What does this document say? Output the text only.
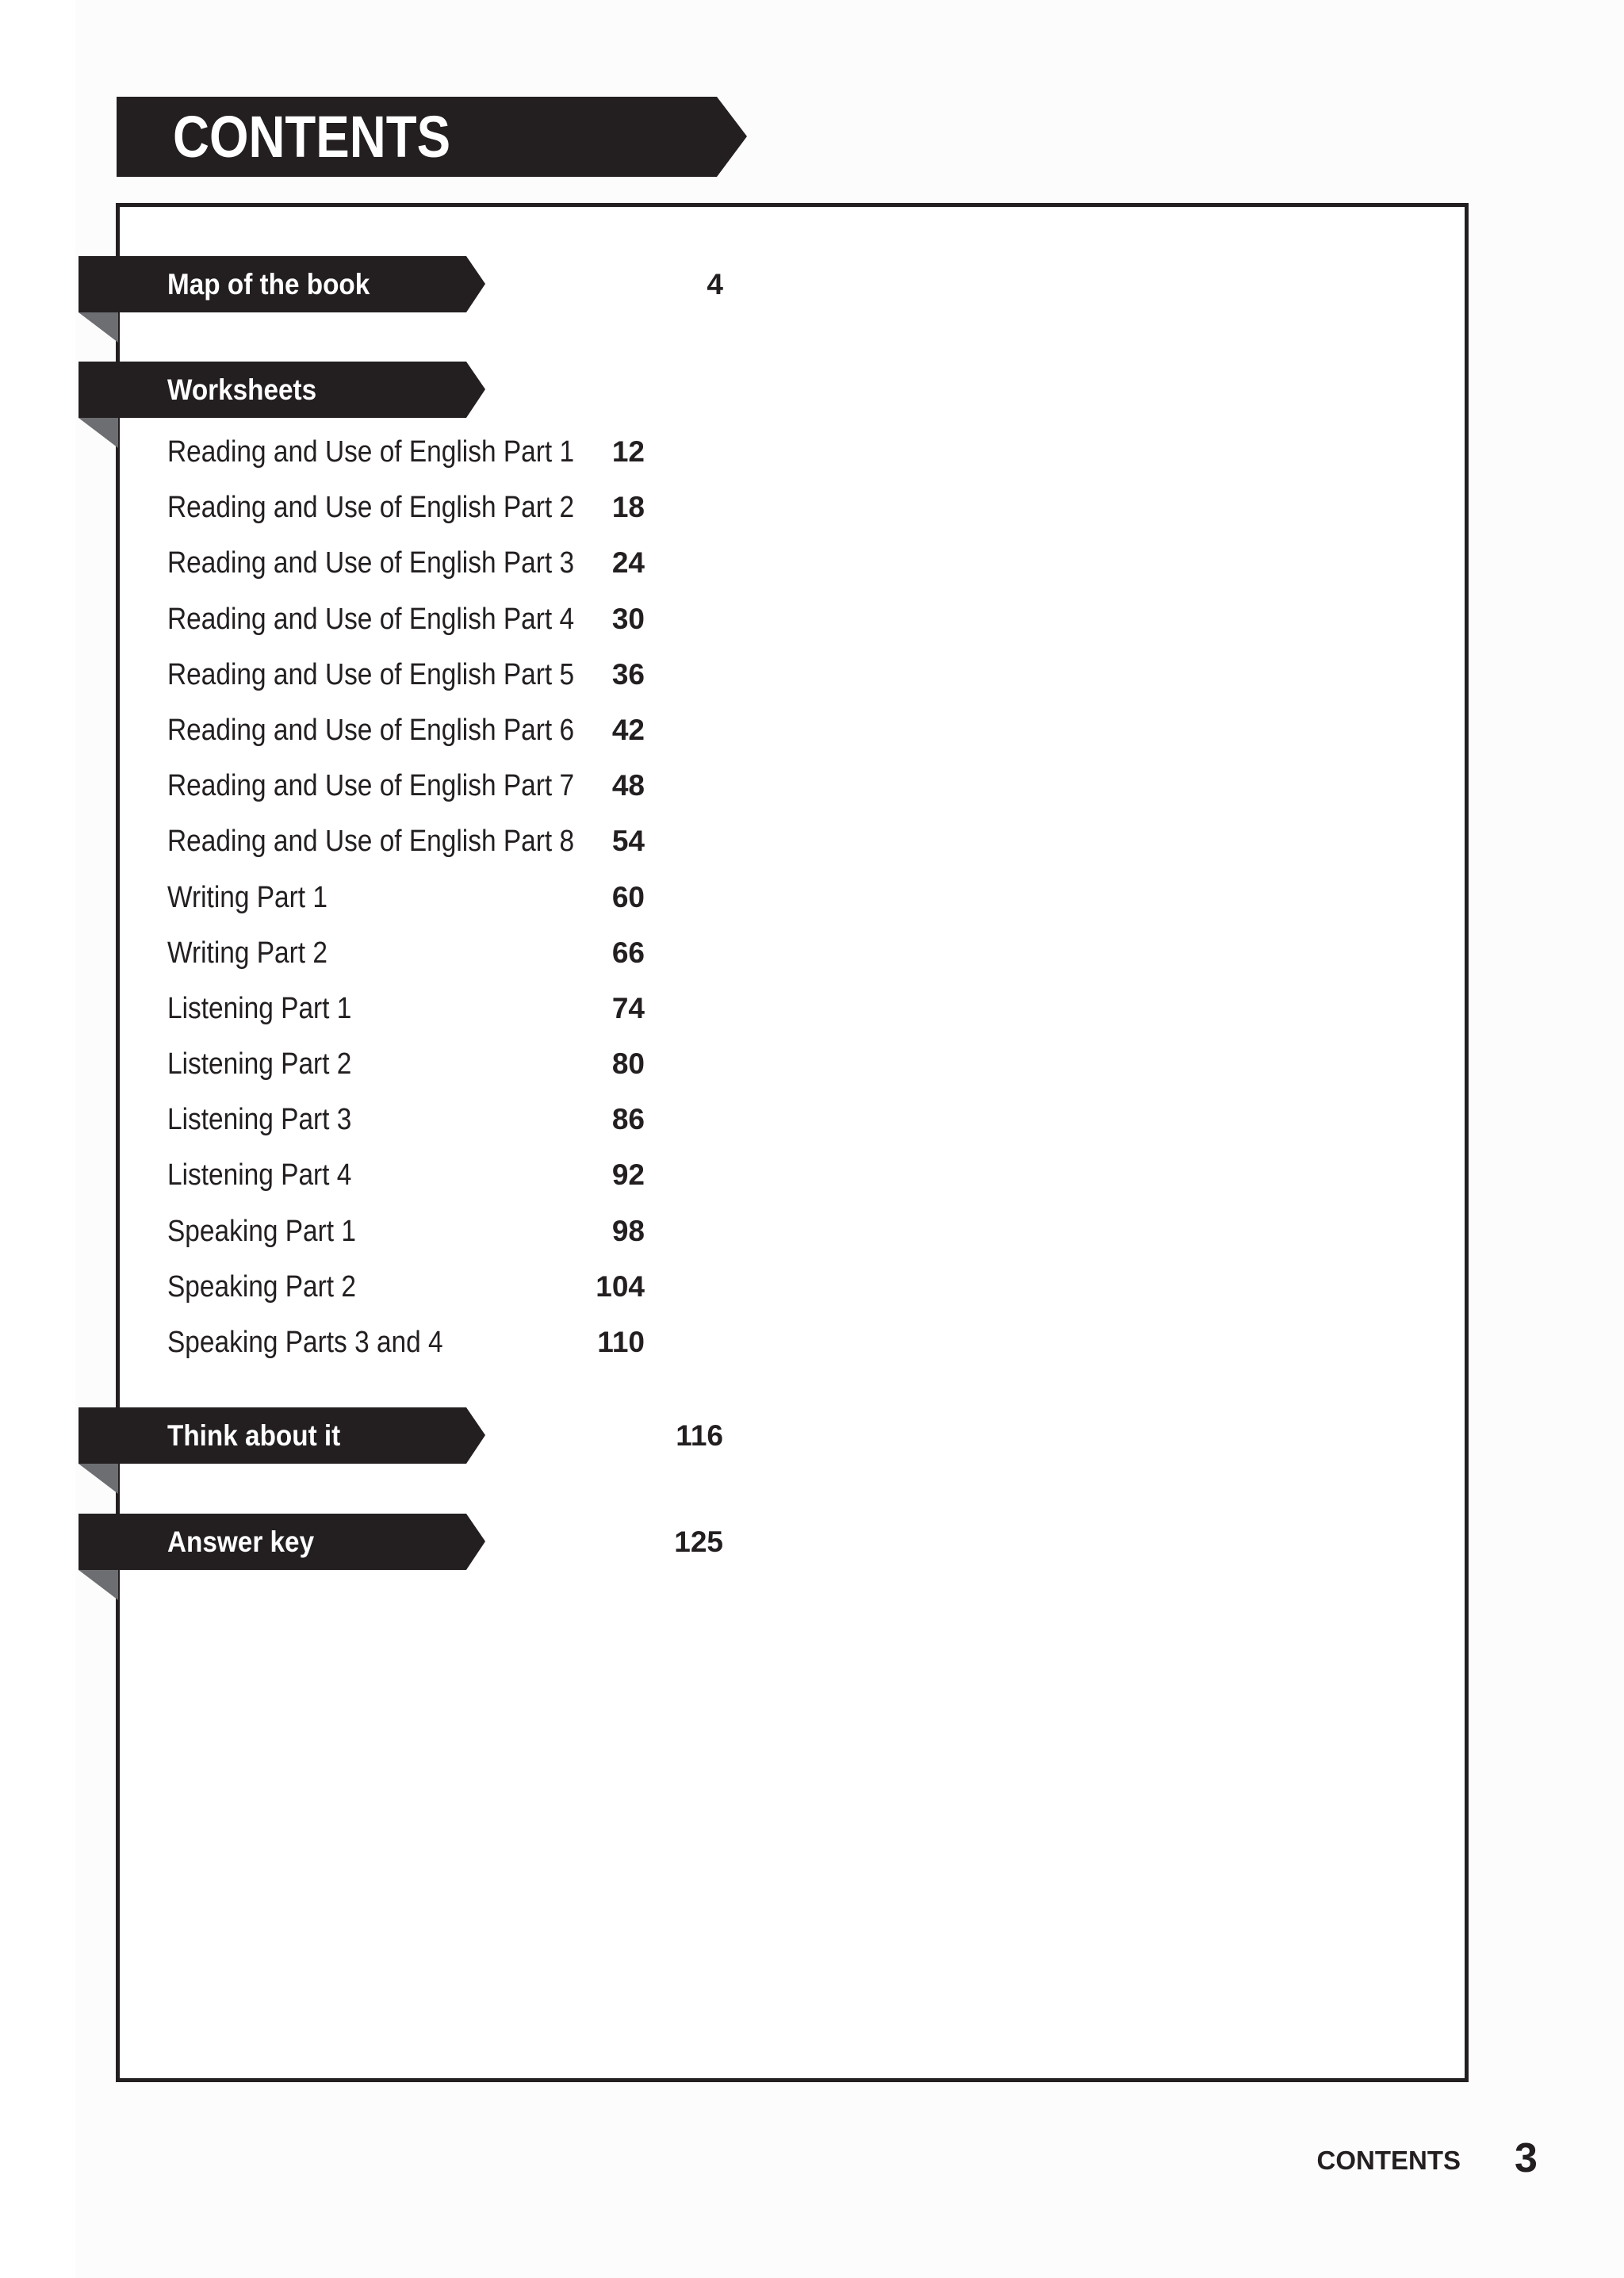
CONTENTS
Map of the book	4
Worksheets
Reading and Use of English Part 1 12
Reading and Use of English Part 2 18
Reading and Use of English Part 3 24
Reading and Use of English Part 4 30
Reading and Use of English Part 5 36
Reading and Use of English Part 6 42
Reading and Use of English Part 7 48
Reading and Use of English Part 8 54
Writing Part 1	60
Writing Part 2	66
Listening Part 1	74
Listening Part 2	80
Listening Part 3	86
Listening Part 4	92
Speaking Part 1	98
Speaking Part 2	104
Speaking Parts 3 and 4	110
Think about it	116
Answer key	125
CONTENTS 3
